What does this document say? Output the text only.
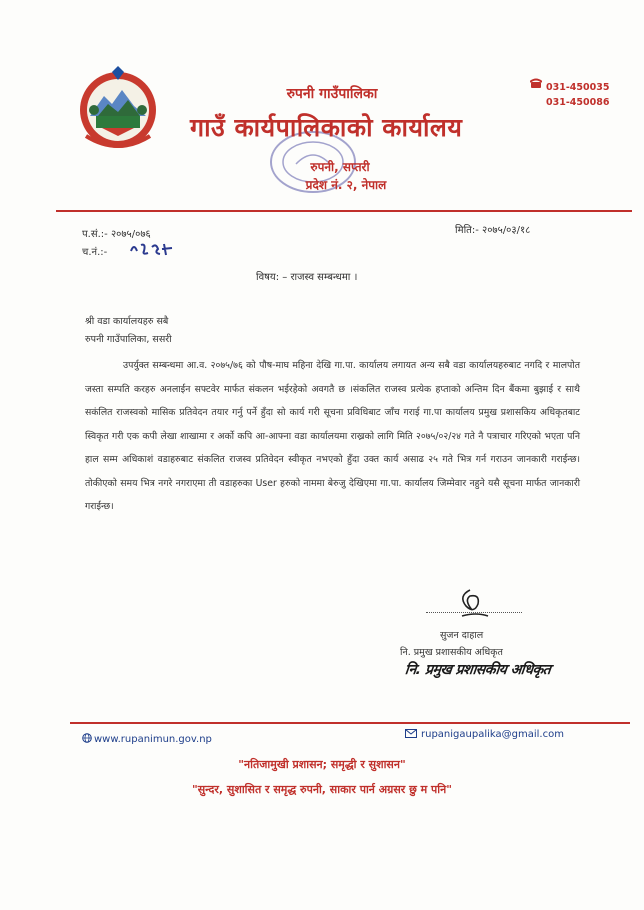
रुपनी गाउँपालिका
गाउँ कार्यपालिकाको कार्यालय
रुपनी, सप्तरी
प्रदेश नं. २, नेपाल
031-450035
031-450086
प.सं.:- २०७५/०७६
च.नं.:-
मिति:- २०७५/०३/१८
विषय: – राजस्व सम्बन्धमा ।
श्री वडा कार्यालयहरु सबै
रुपनी गाउँपालिका, ससरी
उपर्युक्त सम्बन्धमा आ.व. २०७५/७६ को पौष-माघ महिना देखि गा.पा. कार्यालय लगायत अन्य सबै वडा कार्यालयहरुबाट नगदि र मालपोत जस्ता सम्पति करहरु अनलाईन सफ्टवेर मार्फत संकलन भईरहेको अवगतै छ ।संकलित राजस्व प्रत्येक हप्ताको अन्तिम दिन बैंकमा बुझाई र साथै सकंलित राजस्वको मासिक प्रतिवेदन तयार गर्नु पर्ने हुँदा सो कार्य गरी सूचना प्रविधिबाट जाँच गराई गा.पा कार्यालय प्रमुख प्रशासकिय अधिकृतबाट स्विकृत गरी एक कपी लेखा शाखामा र अर्को कपि आ-आफ्ना वडा कार्यालयमा राख्रको लागि मिति २०७५/०२/२४ गते नै पत्राचार गरिएको भएता पनि हाल सम्म अधिकाशं वडाहरुबाट संकलित राजस्व प्रतिवेदन स्वीकृत नभएको हुँदा उक्त कार्य असाढ २५ गते भित्र गर्न गराउन जानकारी गराईन्छ।तोकीएको समय भित्र नगरे नगराएमा ती वडाहरुका User हरुको नाममा बेरुजु देखिएमा गा.पा. कार्यालय जिम्मेवार नहुने यसै सूचना मार्फत जानकारी गराईन्छ।
सुजन दाहाल
नि. प्रमुख प्रशासकीय अधिकृत
नि. प्रमुख प्रशासकीय अधिकृत
www.rupanimun.gov.np	rupanigaupalika@gmail.com
"नतिजामुखी प्रशासन; समृद्धी र सुशासन"
"सुन्दर, सुशासित र समृद्ध रुपनी, साकार पार्न अग्रसर छु म पनि"
